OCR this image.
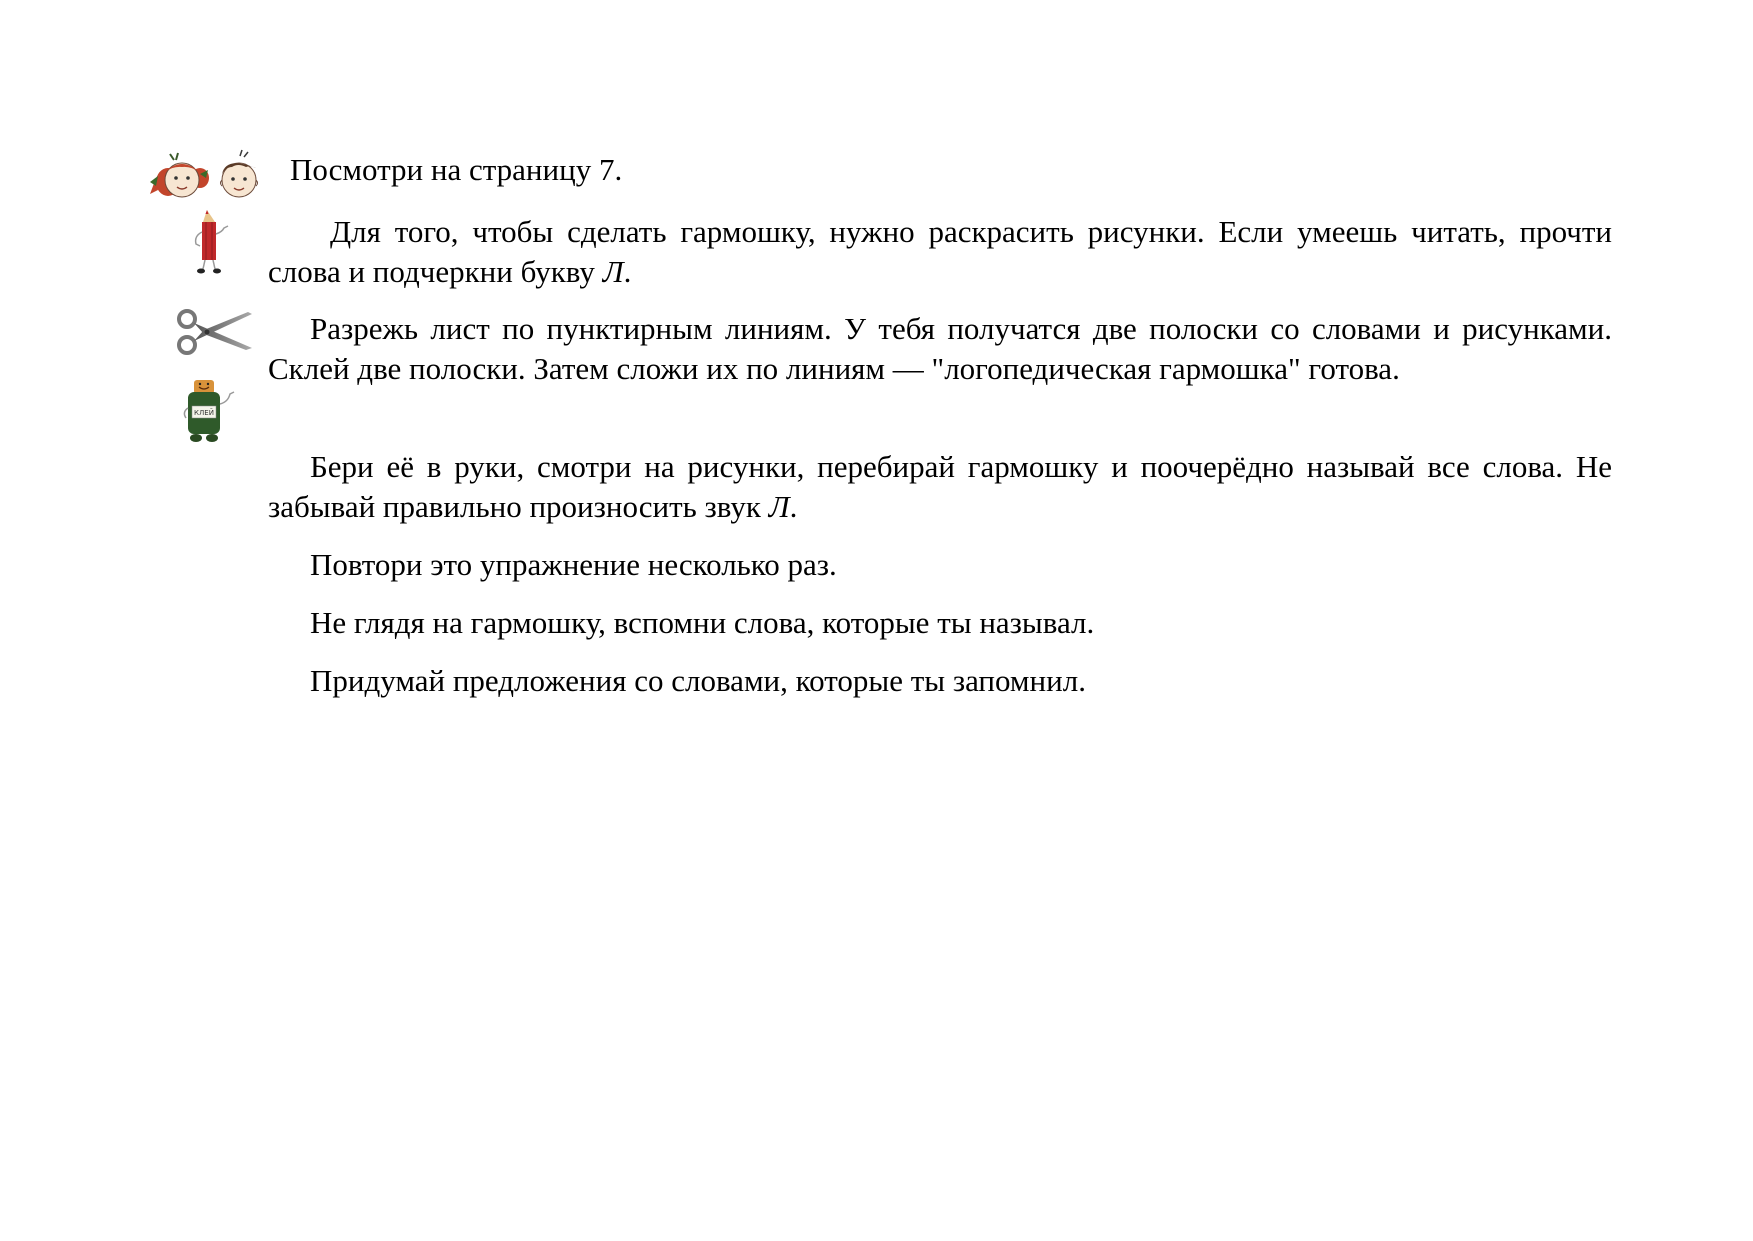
КЛЕЙ

Посмотри на страницу 7.

Для того, чтобы сделать гармошку, нужно раскрасить рисунки. Если умеешь читать, прочти слова и подчеркни букву Л.

Разрежь лист по пунктирным линиям. У тебя получатся две полоски со словами и рисунками. Склей две полоски. Затем сложи их по линиям — "логопедическая гармошка" готова.

Бери её в руки, смотри на рисунки, перебирай гармошку и поочерёдно называй все слова. Не забывай правильно произносить звук Л.

Повтори это упражнение несколько раз.

Не глядя на гармошку, вспомни слова, которые ты называл.

Придумай предложения со словами, которые ты запомнил.
